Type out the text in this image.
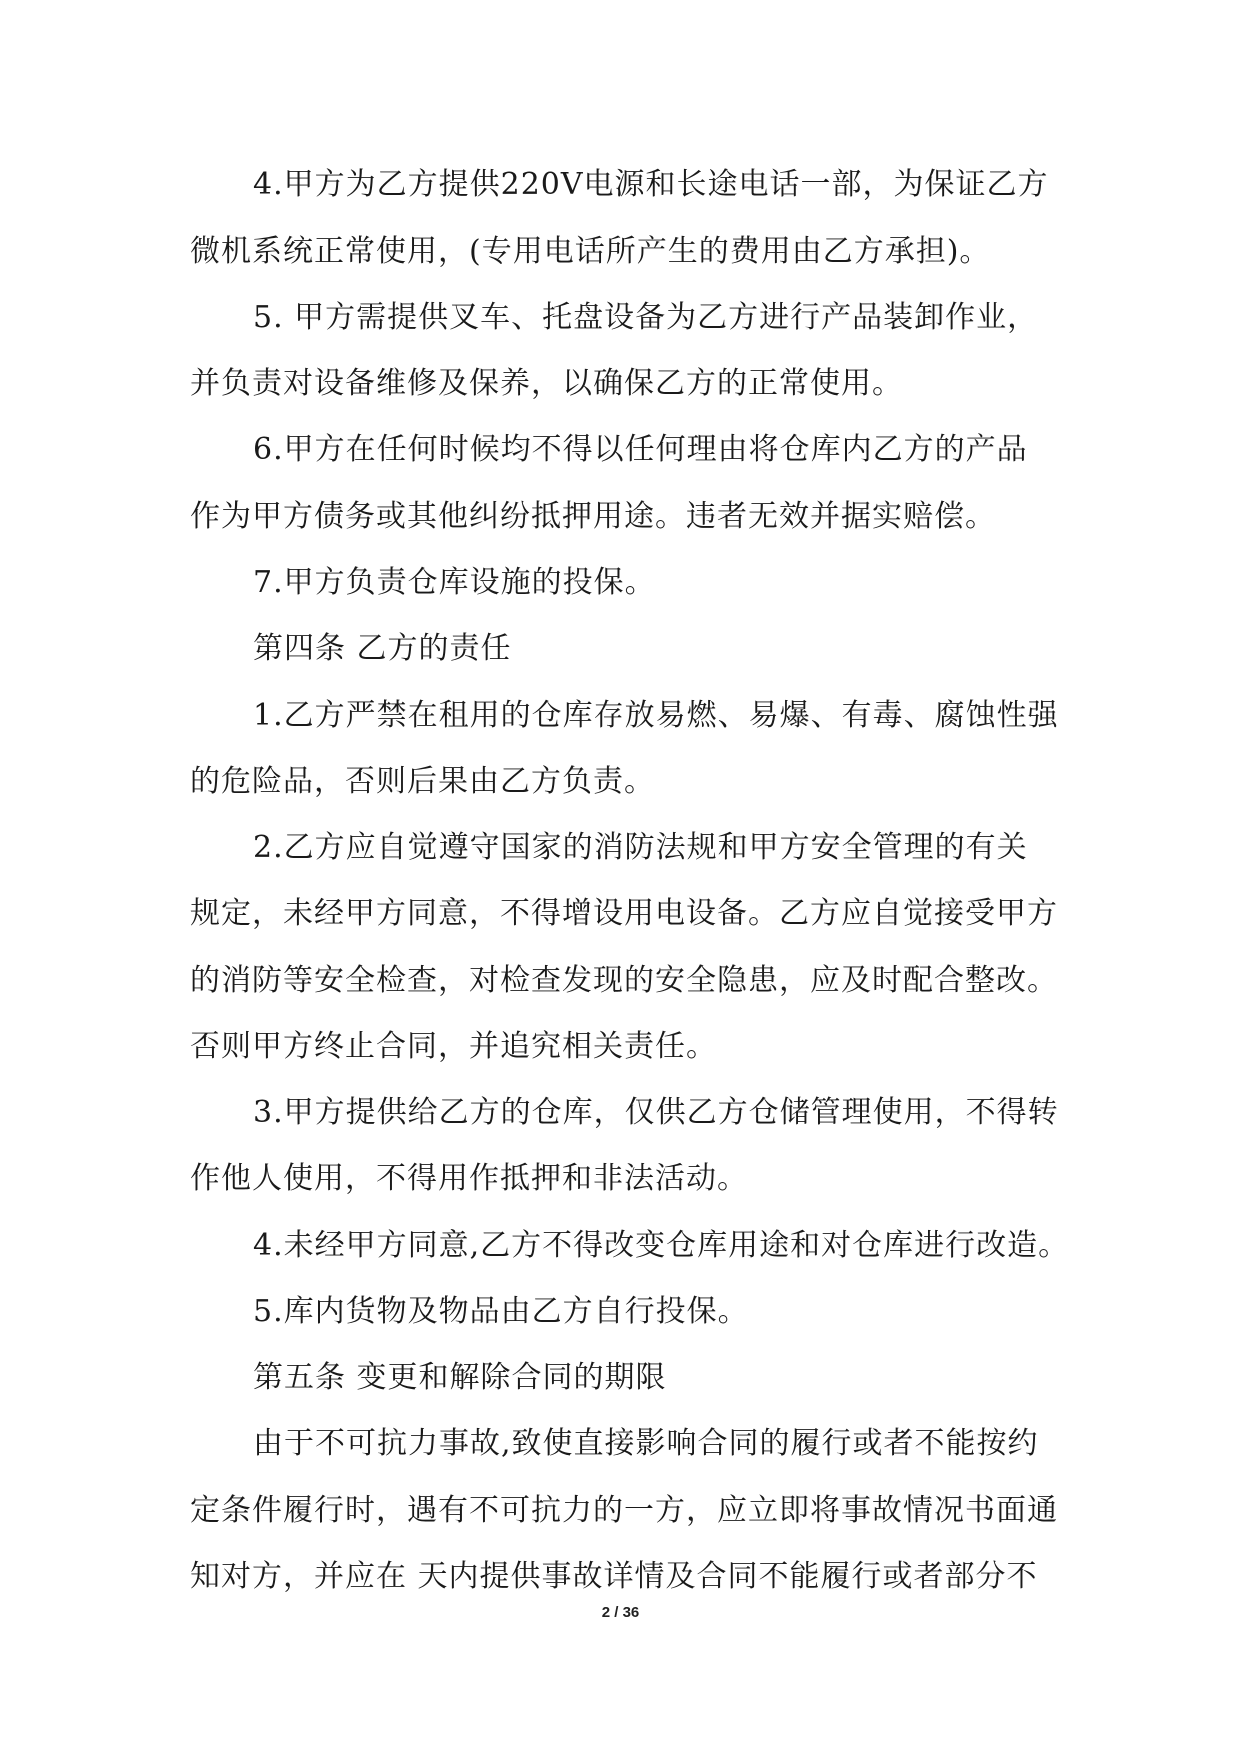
4.甲方为乙方提供220V电源和长途电话一部，为保证乙方
微机系统正常使用，(专用电话所产生的费用由乙方承担)。
5. 甲方需提供叉车、托盘设备为乙方进行产品装卸作业，
并负责对设备维修及保养，以确保乙方的正常使用。
6.甲方在任何时候均不得以任何理由将仓库内乙方的产品
作为甲方债务或其他纠纷抵押用途。违者无效并据实赔偿。
7.甲方负责仓库设施的投保。
第四条 乙方的责任
1.乙方严禁在租用的仓库存放易燃、易爆、有毒、腐蚀性强
的危险品，否则后果由乙方负责。
2.乙方应自觉遵守国家的消防法规和甲方安全管理的有关
规定，未经甲方同意，不得增设用电设备。乙方应自觉接受甲方
的消防等安全检查，对检查发现的安全隐患，应及时配合整改。
否则甲方终止合同，并追究相关责任。
3.甲方提供给乙方的仓库，仅供乙方仓储管理使用，不得转
作他人使用，不得用作抵押和非法活动。
4.未经甲方同意,乙方不得改变仓库用途和对仓库进行改造。
5.库内货物及物品由乙方自行投保。
第五条 变更和解除合同的期限
由于不可抗力事故,致使直接影响合同的履行或者不能按约
定条件履行时，遇有不可抗力的一方，应立即将事故情况书面通
知对方，并应在 天内提供事故详情及合同不能履行或者部分不
2 / 36
